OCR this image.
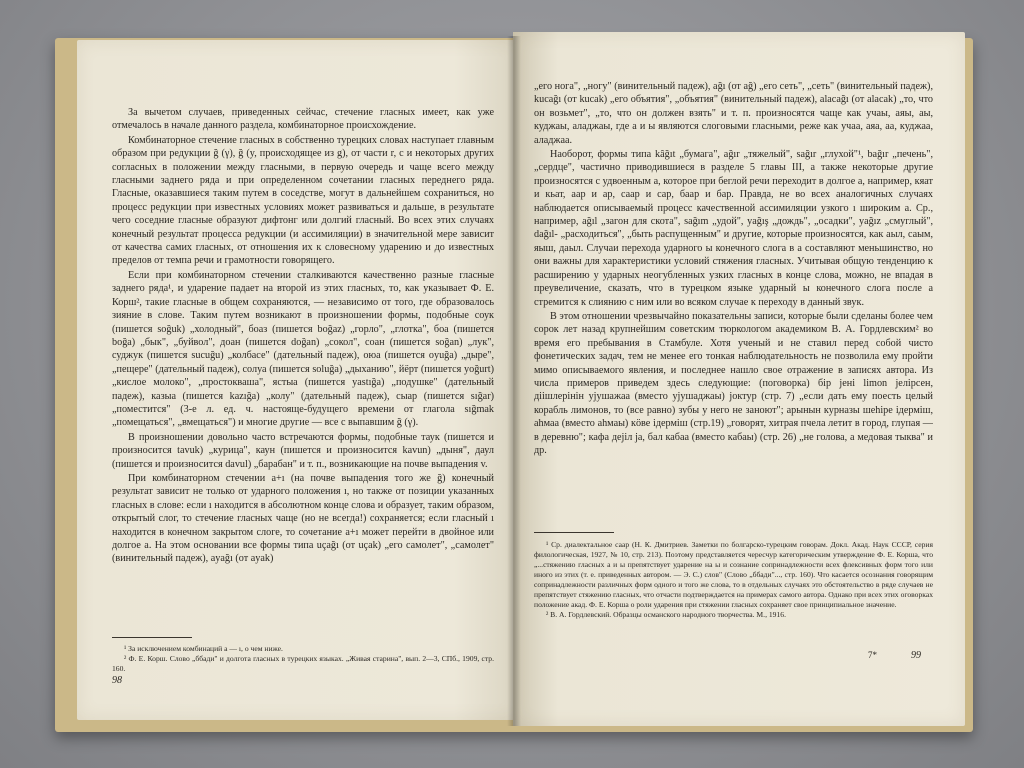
За вычетом случаев, приведенных сейчас, стечение гласных имеет, как уже отмечалось в начале данного раздела, комбинаторное происхождение.

Комбинаторное стечение гласных в собственно турецких словах наступает главным образом при редукции ğ (γ), ğ (y, происходящее из g), от части r, с и некоторых других согласных в положении между гласными, в первую очередь и чаще всего между гласными заднего ряда и при определенном сочетании гласных переднего ряда. Гласные, оказавшиеся таким путем в соседстве, могут в дальнейшем сохраниться, но процесс редукции при известных условиях может развиваться и дальше, в результате чего соседние гласные образуют дифтонг или долгий гласный. Во всех этих случаях конечный результат процесса редукции (и ассимиляции) в значительной мере зависит от качества самих гласных, от отношения их к словесному ударению и до известных пределов от темпа речи и грамотности говорящего.

Если при комбинаторном стечении сталкиваются качественно разные гласные заднего ряда¹, и ударение падает на второй из этих гласных, то, как указывает Ф. Е. Корш², такие гласные в общем сохраняются, — независимо от того, где образовалось зияние в слове. Таким путем возникают в произношении формы, подобные соук (пишется soğuk) „холодный", боаз (пишется boğaz) „горло", „глотка", боа (пишется boğa) „бык", „буйвол", доан (пишется doğan) „сокол", соан (пишется soğan) „лук", суджук (пишется sucuğu) „колбасе" (дательный падеж), оюа (пишется oyuğa) „дыре", „пещере" (дательный падеж), солуа (пишется soluğa) „дыханию", йёрт (пишется yoğurt) „кислое молоко", „простокваша", ястыа (пишется yastığa) „подушке" (дательный падеж), казыа (пишется kazığa) „колу" (дательный падеж), сыар (пишется sığar) „поместится" (3-е л. ед. ч. настояще-будущего времени от глагола sığmak „помещаться", „вмещаться") и многие другие — все с выпавшим ğ (γ).

В произношении довольно часто встречаются формы, подобные таук (пишется и произносится tavuk) „курица", каун (пишется и произносится kavun) „дыня", даул (пишется и произносится davul) „барабан" и т. п., возникающие на почве выпадения v.

При комбинаторном стечении а+ı (на почве выпадения того же ğ) конечный результат зависит не только от ударного положения ı, но также от позиции указанных гласных в слове: если ı находится в абсолютном конце слова и образует, таким образом, открытый слог, то стечение гласных чаще (но не всегда!) сохраняется; если гласный ı находится в конечном закрытом слоге, то сочетание а+ı может перейти в двойное или долгое а. На этом основании все формы типа uçağı (от uçak) „его самолет", „самолет" (винительный падеж), ayağı (от ayak)

¹ За исключением комбинаций а — ı, о чем ниже.

² Ф. Е. Корш. Слово „ббади" и долгота гласных в турецких языках. „Живая старина", вып. 2—3, СПб., 1909, стр. 160.

98

„его нога", „ногу" (винительный падеж), ağı (от ağ) „его сеть", „сеть" (винительный падеж), kucağı (от kucak) „его объятия", „объятия" (винительный падеж), alacağı (от alacak) „то, что он возьмет", „то, что он должен взять" и т. п. произносятся чаще как учаы, аяы, аы, куджаы, аладжаы, где а и ы являются слоговыми гласными, реже как учаа, аяа, аа, куджаа, аладжаа.

Наоборот, формы типа kâğıt „бумага", ağır „тяжелый", sağır „глухой"¹, bağır „печень", „сердце", частично приводившиеся в разделе 5 главы III, а также некоторые другие произносятся с удвоенным а, которое при беглой речи переходит в долгое а, например, кяат и кьат, аар и ар, саар и сар, баар и бар. Правда, не во всех аналогичных случаях наблюдается описываемый процесс качественной ассимиляции узкого ı широким а. Ср., например, ağıl „загон для скота", sağım „удой", yağış „дождь", „осадки", yağız „смуглый", dağıl- „расходиться", „быть распущенным" и другие, которые произносятся, как аыл, саым, яыш, даыл. Случаи перехода ударного ы конечного слога в а составляют меньшинство, но они важны для характеристики условий стяжения гласных. Учитывая общую тенденцию к расширению у ударных неогубленных узких гласных в конце слова, можно, не впадая в преувеличение, сказать, что в турецком языке ударный ы конечного слога после а стремится к слиянию с ним или во всяком случае к переходу в данный звук.

В этом отношении чрезвычайно показательны записи, которые были сделаны более чем сорок лет назад крупнейшим советским тюркологом академиком В. А. Гордлевским² во время его пребывания в Стамбуле. Хотя ученый и не ставил перед собой чисто фонетических задач, тем не менее его тонкая наблюдательность не позволила ему пройти мимо описываемого явления, и последнее нашло свое отражение в записях автора. Из числа примеров приведем здесь следующие: (поговорка) бір јені limon јелірсен, діішлерінін ујушажаа (вместо ујушаджаы) јоктур (стр. 7) „если дать ему поесть целый корабль лимонов, то (все равно) зубы у него не заноют"; арынын курназы шеhіре ідерміш, аhмаа (вместо аhмаы) кöве ідерміш (стр.19) „говорят, хитрая пчела летит в город, глупая — в деревню"; кафа дејіл ја, бал кабаа (вместо кабаы) (стр. 26) „не голова, а медовая тыква" и др.

¹ Ср. диалектальное саар (Н. К. Дмитриев. Заметки по болгарско-турецким говорам. Докл. Акад. Наук СССР, серия филологическая, 1927, № 10, стр. 213). Поэтому представляется чересчур категорическим утверждение Ф. Е. Корша, что „...стяжению гласных а и ы препятствует ударение на ы и сознание сопринадлежности всех флексивных форм того или иного из этих (т. е. приведенных автором. — Э. С.) слов" (Слово „ббади"..., стр. 160). Что касается осознания говорящим сопринадлежности различных форм одного и того же слова, то в отдельных случаях это обстоятельство в ряде случаев не препятствует стяжению гласных, что отчасти подтверждается на примерах самого автора. Однако при всех этих оговорках положение акад. Ф. Е. Корша о роли ударения при стяжении гласных сохраняет свое принципиальное значение.

² В. А. Гордлевский. Образцы османского народного творчества. М., 1916.

7*	99
